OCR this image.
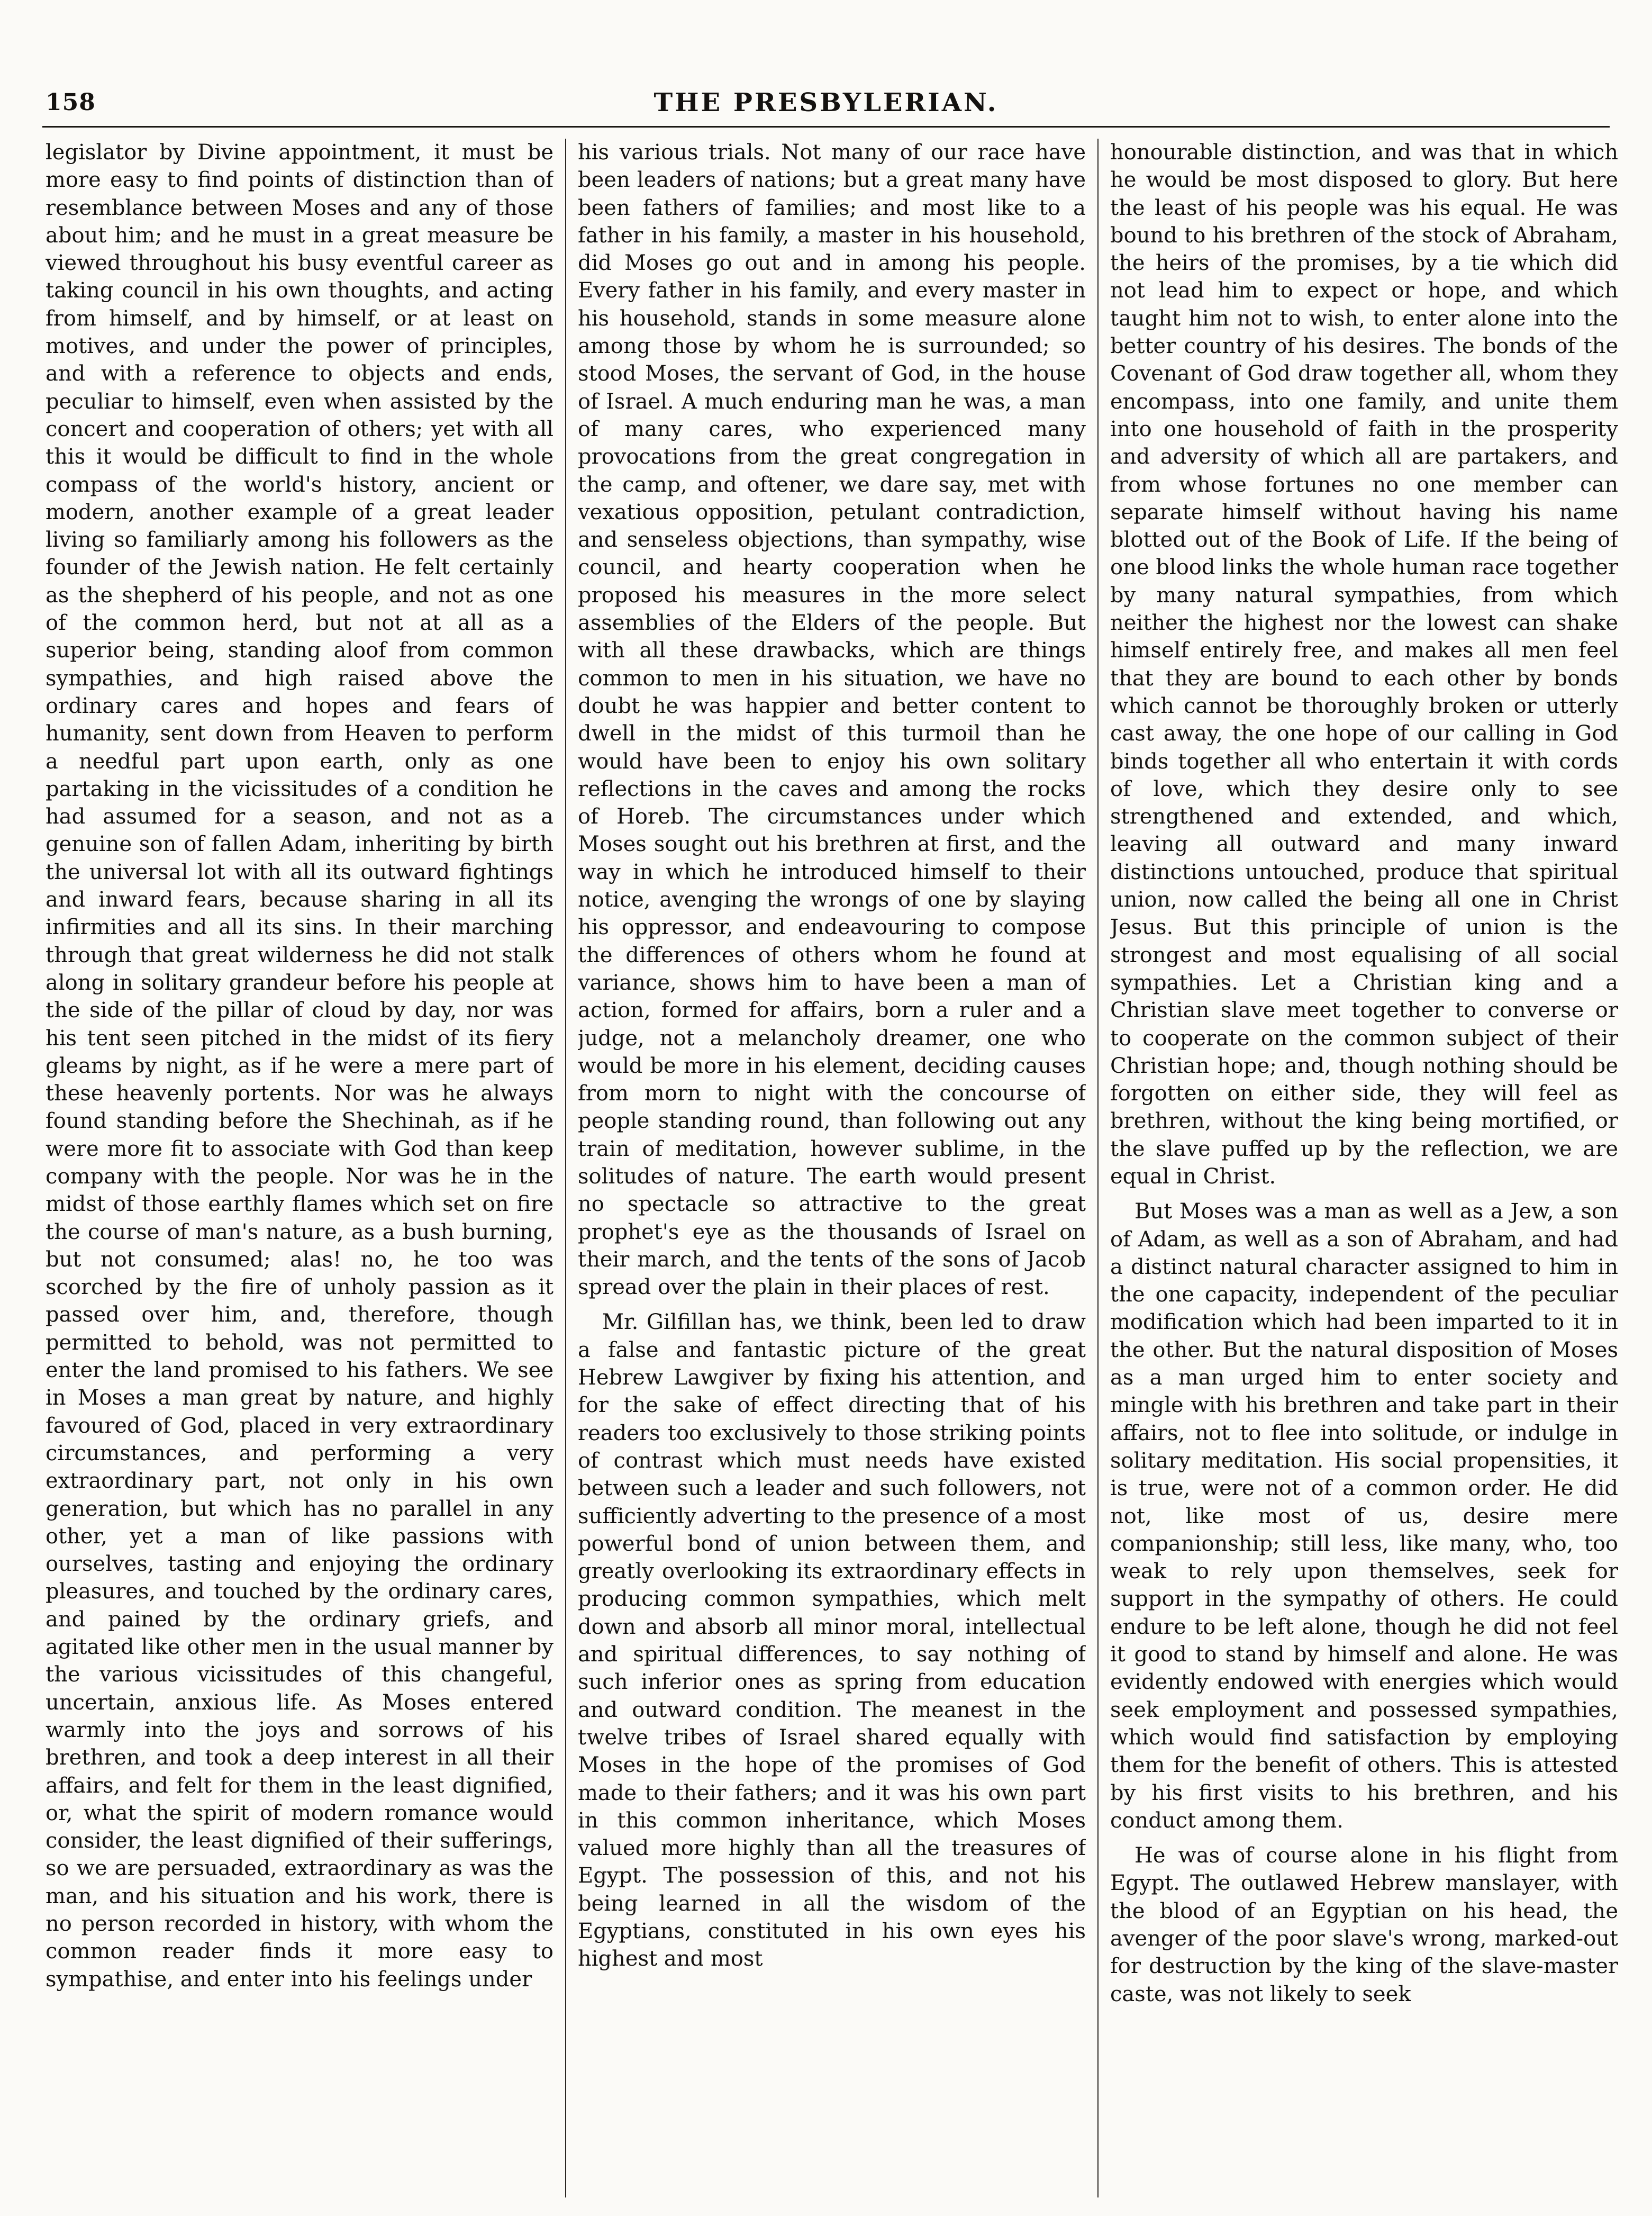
158	THE PRESBYLERIAN.

legislator by Divine appointment, it must be more easy to find points of distinction than of resemblance between Moses and any of those about him; and he must in a great measure be viewed throughout his busy eventful career as taking council in his own thoughts, and acting from himself, and by himself, or at least on motives, and under the power of principles, and with a reference to objects and ends, peculiar to himself, even when assisted by the concert and cooperation of others; yet with all this it would be difficult to find in the whole compass of the world's history, ancient or modern, another example of a great leader living so familiarly among his followers as the founder of the Jewish nation. He felt certainly as the shepherd of his people, and not as one of the common herd, but not at all as a superior being, standing aloof from common sympathies, and high raised above the ordinary cares and hopes and fears of humanity, sent down from Heaven to perform a needful part upon earth, only as one partaking in the vicissitudes of a condition he had assumed for a season, and not as a genuine son of fallen Adam, inheriting by birth the universal lot with all its outward fightings and inward fears, because sharing in all its infirmities and all its sins. In their marching through that great wilderness he did not stalk along in solitary grandeur before his people at the side of the pillar of cloud by day, nor was his tent seen pitched in the midst of its fiery gleams by night, as if he were a mere part of these heavenly portents. Nor was he always found standing before the Shechinah, as if he were more fit to associate with God than keep company with the people. Nor was he in the midst of those earthly flames which set on fire the course of man's nature, as a bush burning, but not consumed; alas! no, he too was scorched by the fire of unholy passion as it passed over him, and, therefore, though permitted to behold, was not permitted to enter the land promised to his fathers. We see in Moses a man great by nature, and highly favoured of God, placed in very extraordinary circumstances, and performing a very extraordinary part, not only in his own generation, but which has no parallel in any other, yet a man of like passions with ourselves, tasting and enjoying the ordinary pleasures, and touched by the ordinary cares, and pained by the ordinary griefs, and agitated like other men in the usual manner by the various vicissitudes of this changeful, uncertain, anxious life. As Moses entered warmly into the joys and sorrows of his brethren, and took a deep interest in all their affairs, and felt for them in the least dignified, or, what the spirit of modern romance would consider, the least dignified of their sufferings, so we are persuaded, extraordinary as was the man, and his situation and his work, there is no person recorded in history, with whom the common reader finds it more easy to sympathise, and enter into his feelings under

his various trials. Not many of our race have been leaders of nations; but a great many have been fathers of families; and most like to a father in his family, a master in his household, did Moses go out and in among his people. Every father in his family, and every master in his household, stands in some measure alone among those by whom he is surrounded; so stood Moses, the servant of God, in the house of Israel. A much enduring man he was, a man of many cares, who experienced many provocations from the great congregation in the camp, and oftener, we dare say, met with vexatious opposition, petulant contradiction, and senseless objections, than sympathy, wise council, and hearty cooperation when he proposed his measures in the more select assemblies of the Elders of the people. But with all these drawbacks, which are things common to men in his situation, we have no doubt he was happier and better content to dwell in the midst of this turmoil than he would have been to enjoy his own solitary reflections in the caves and among the rocks of Horeb. The circumstances under which Moses sought out his brethren at first, and the way in which he introduced himself to their notice, avenging the wrongs of one by slaying his oppressor, and endeavouring to compose the differences of others whom he found at variance, shows him to have been a man of action, formed for affairs, born a ruler and a judge, not a melancholy dreamer, one who would be more in his element, deciding causes from morn to night with the concourse of people standing round, than following out any train of meditation, however sublime, in the solitudes of nature. The earth would present no spectacle so attractive to the great prophet's eye as the thousands of Israel on their march, and the tents of the sons of Jacob spread over the plain in their places of rest.

Mr. Gilfillan has, we think, been led to draw a false and fantastic picture of the great Hebrew Lawgiver by fixing his attention, and for the sake of effect directing that of his readers too exclusively to those striking points of contrast which must needs have existed between such a leader and such followers, not sufficiently adverting to the presence of a most powerful bond of union between them, and greatly overlooking its extraordinary effects in producing common sympathies, which melt down and absorb all minor moral, intellectual and spiritual differences, to say nothing of such inferior ones as spring from education and outward condition. The meanest in the twelve tribes of Israel shared equally with Moses in the hope of the promises of God made to their fathers; and it was his own part in this common inheritance, which Moses valued more highly than all the treasures of Egypt. The possession of this, and not his being learned in all the wisdom of the Egyptians, constituted in his own eyes his highest and most

honourable distinction, and was that in which he would be most disposed to glory. But here the least of his people was his equal. He was bound to his brethren of the stock of Abraham, the heirs of the promises, by a tie which did not lead him to expect or hope, and which taught him not to wish, to enter alone into the better country of his desires. The bonds of the Covenant of God draw together all, whom they encompass, into one family, and unite them into one household of faith in the prosperity and adversity of which all are partakers, and from whose fortunes no one member can separate himself without having his name blotted out of the Book of Life. If the being of one blood links the whole human race together by many natural sympathies, from which neither the highest nor the lowest can shake himself entirely free, and makes all men feel that they are bound to each other by bonds which cannot be thoroughly broken or utterly cast away, the one hope of our calling in God binds together all who entertain it with cords of love, which they desire only to see strengthened and extended, and which, leaving all outward and many inward distinctions untouched, produce that spiritual union, now called the being all one in Christ Jesus. But this principle of union is the strongest and most equalising of all social sympathies. Let a Christian king and a Christian slave meet together to converse or to cooperate on the common subject of their Christian hope; and, though nothing should be forgotten on either side, they will feel as brethren, without the king being mortified, or the slave puffed up by the reflection, we are equal in Christ.

But Moses was a man as well as a Jew, a son of Adam, as well as a son of Abraham, and had a distinct natural character assigned to him in the one capacity, independent of the peculiar modification which had been imparted to it in the other. But the natural disposition of Moses as a man urged him to enter society and mingle with his brethren and take part in their affairs, not to flee into solitude, or indulge in solitary meditation. His social propensities, it is true, were not of a common order. He did not, like most of us, desire mere companionship; still less, like many, who, too weak to rely upon themselves, seek for support in the sympathy of others. He could endure to be left alone, though he did not feel it good to stand by himself and alone. He was evidently endowed with energies which would seek employment and possessed sympathies, which would find satisfaction by employing them for the benefit of others. This is attested by his first visits to his brethren, and his conduct among them.

He was of course alone in his flight from Egypt. The outlawed Hebrew manslayer, with the blood of an Egyptian on his head, the avenger of the poor slave's wrong, marked-out for destruction by the king of the slave-master caste, was not likely to seek
